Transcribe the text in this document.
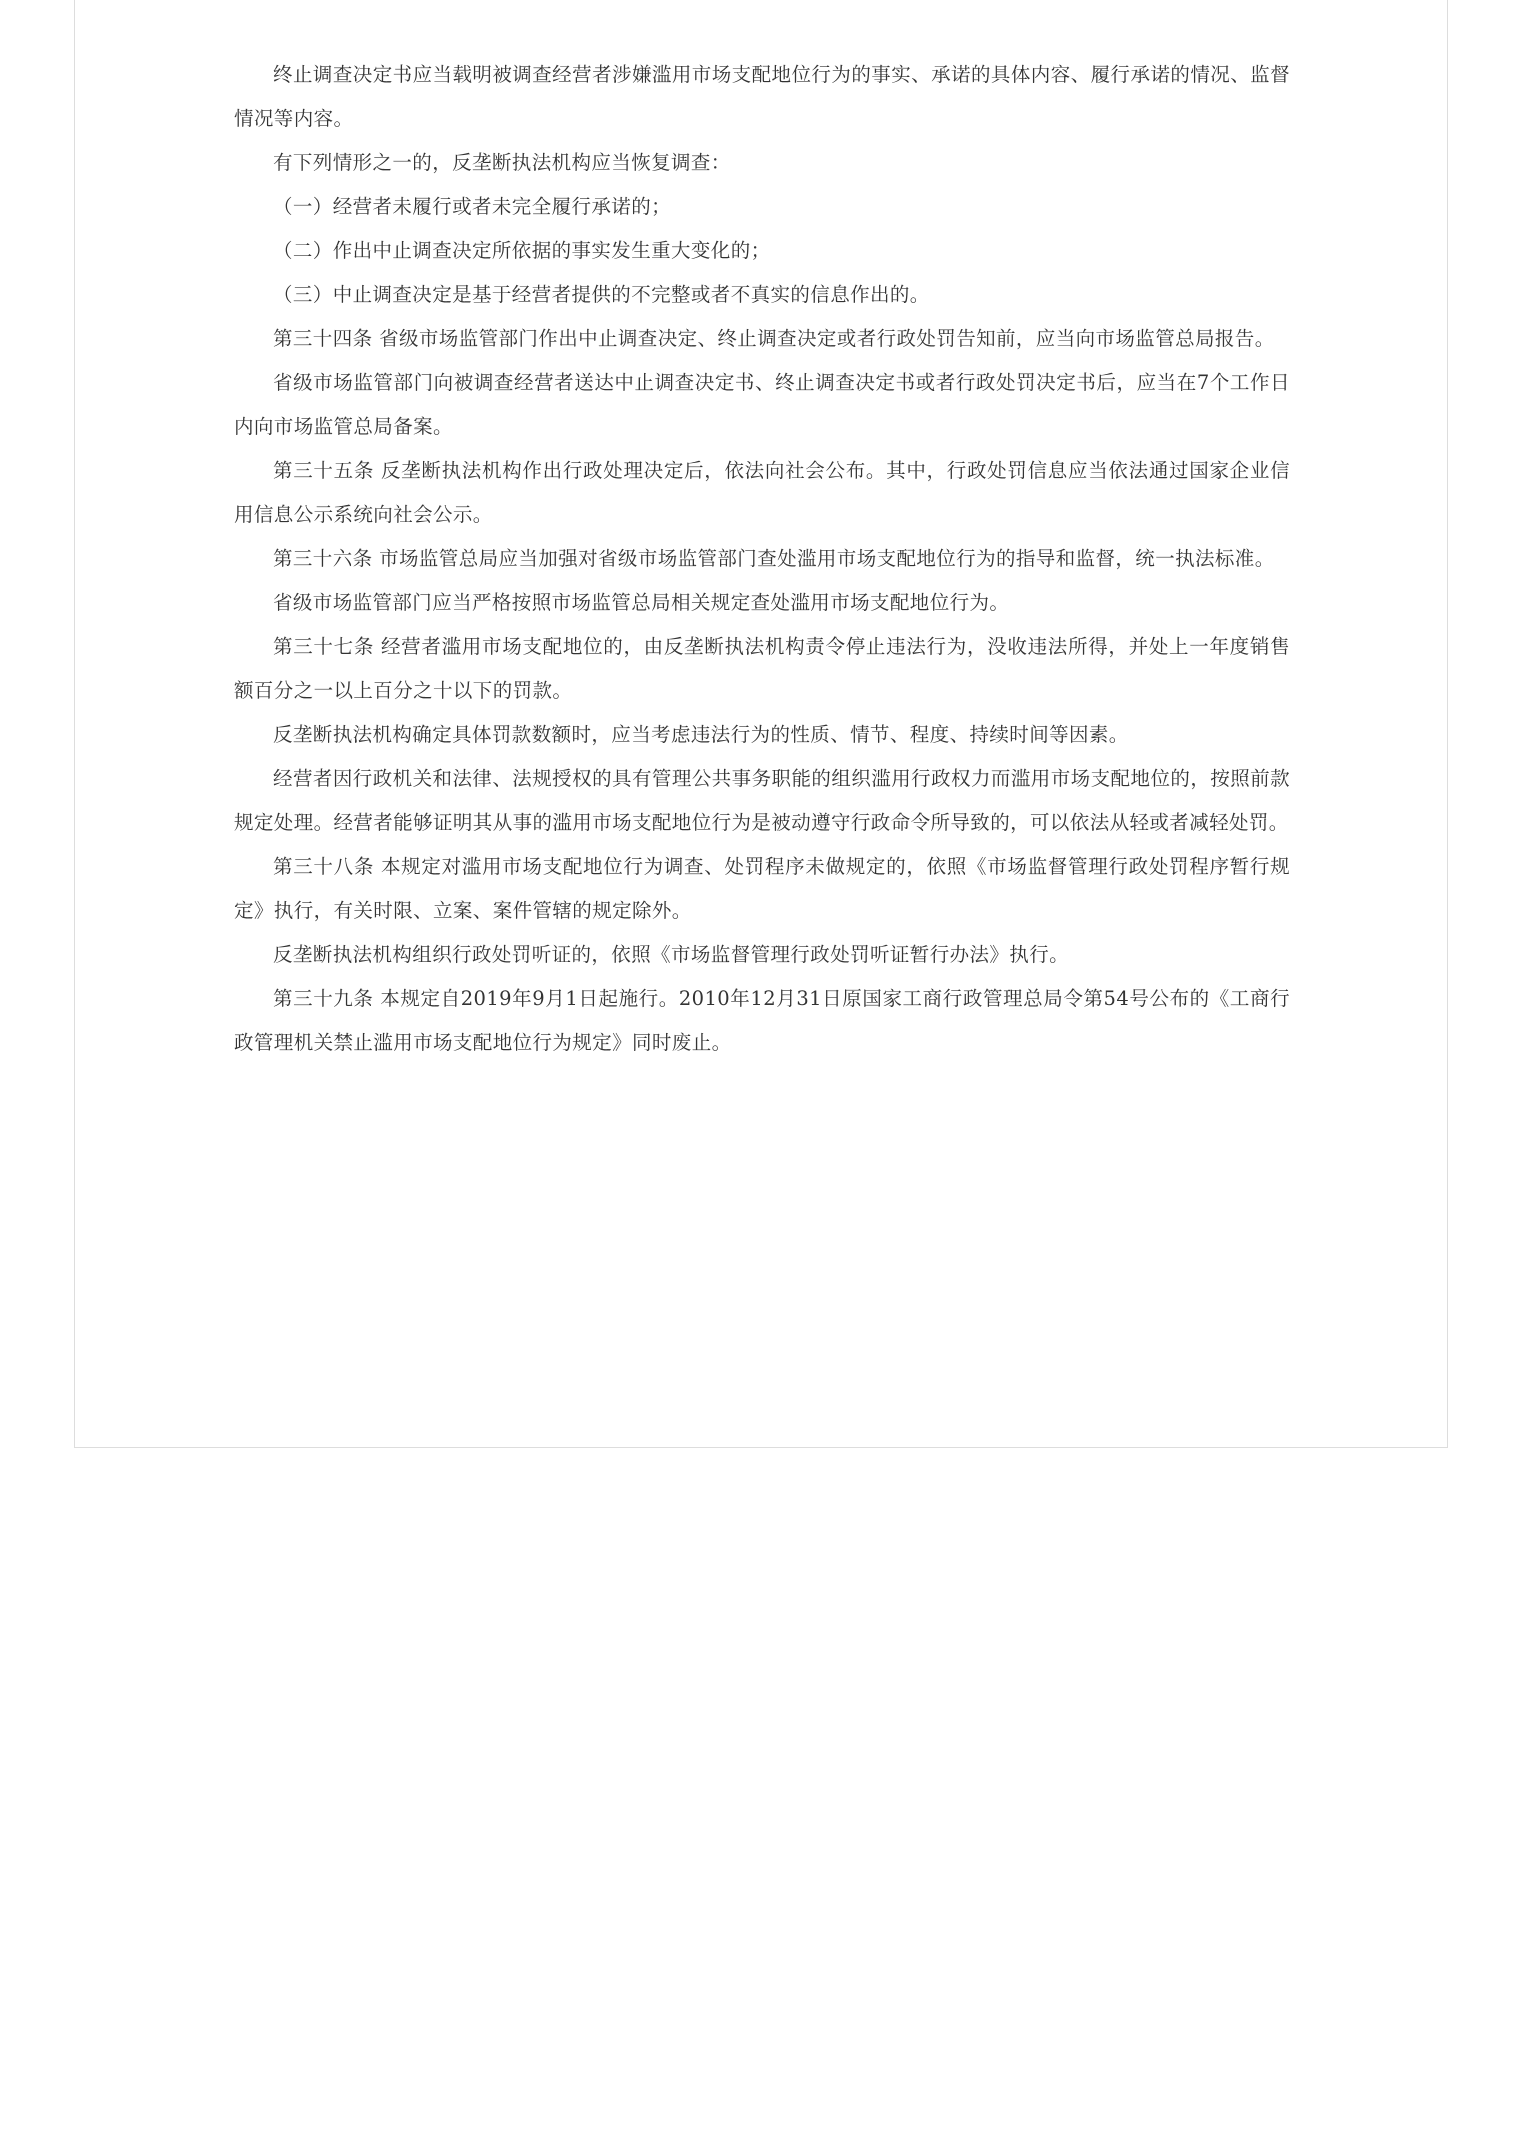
终止调查决定书应当载明被调查经营者涉嫌滥用市场支配地位行为的事实、承诺的具体内容、履行承诺的情况、监督情况等内容。

有下列情形之一的，反垄断执法机构应当恢复调查：

（一）经营者未履行或者未完全履行承诺的；

（二）作出中止调查决定所依据的事实发生重大变化的；

（三）中止调查决定是基于经营者提供的不完整或者不真实的信息作出的。

第三十四条 省级市场监管部门作出中止调查决定、终止调查决定或者行政处罚告知前，应当向市场监管总局报告。

省级市场监管部门向被调查经营者送达中止调查决定书、终止调查决定书或者行政处罚决定书后，应当在7个工作日内向市场监管总局备案。

第三十五条 反垄断执法机构作出行政处理决定后，依法向社会公布。其中，行政处罚信息应当依法通过国家企业信用信息公示系统向社会公示。

第三十六条 市场监管总局应当加强对省级市场监管部门查处滥用市场支配地位行为的指导和监督，统一执法标准。

省级市场监管部门应当严格按照市场监管总局相关规定查处滥用市场支配地位行为。

第三十七条 经营者滥用市场支配地位的，由反垄断执法机构责令停止违法行为，没收违法所得，并处上一年度销售额百分之一以上百分之十以下的罚款。

反垄断执法机构确定具体罚款数额时，应当考虑违法行为的性质、情节、程度、持续时间等因素。

经营者因行政机关和法律、法规授权的具有管理公共事务职能的组织滥用行政权力而滥用市场支配地位的，按照前款规定处理。经营者能够证明其从事的滥用市场支配地位行为是被动遵守行政命令所导致的，可以依法从轻或者减轻处罚。

第三十八条 本规定对滥用市场支配地位行为调查、处罚程序未做规定的，依照《市场监督管理行政处罚程序暂行规定》执行，有关时限、立案、案件管辖的规定除外。

反垄断执法机构组织行政处罚听证的，依照《市场监督管理行政处罚听证暂行办法》执行。

第三十九条 本规定自2019年9月1日起施行。2010年12月31日原国家工商行政管理总局令第54号公布的《工商行政管理机关禁止滥用市场支配地位行为规定》同时废止。
